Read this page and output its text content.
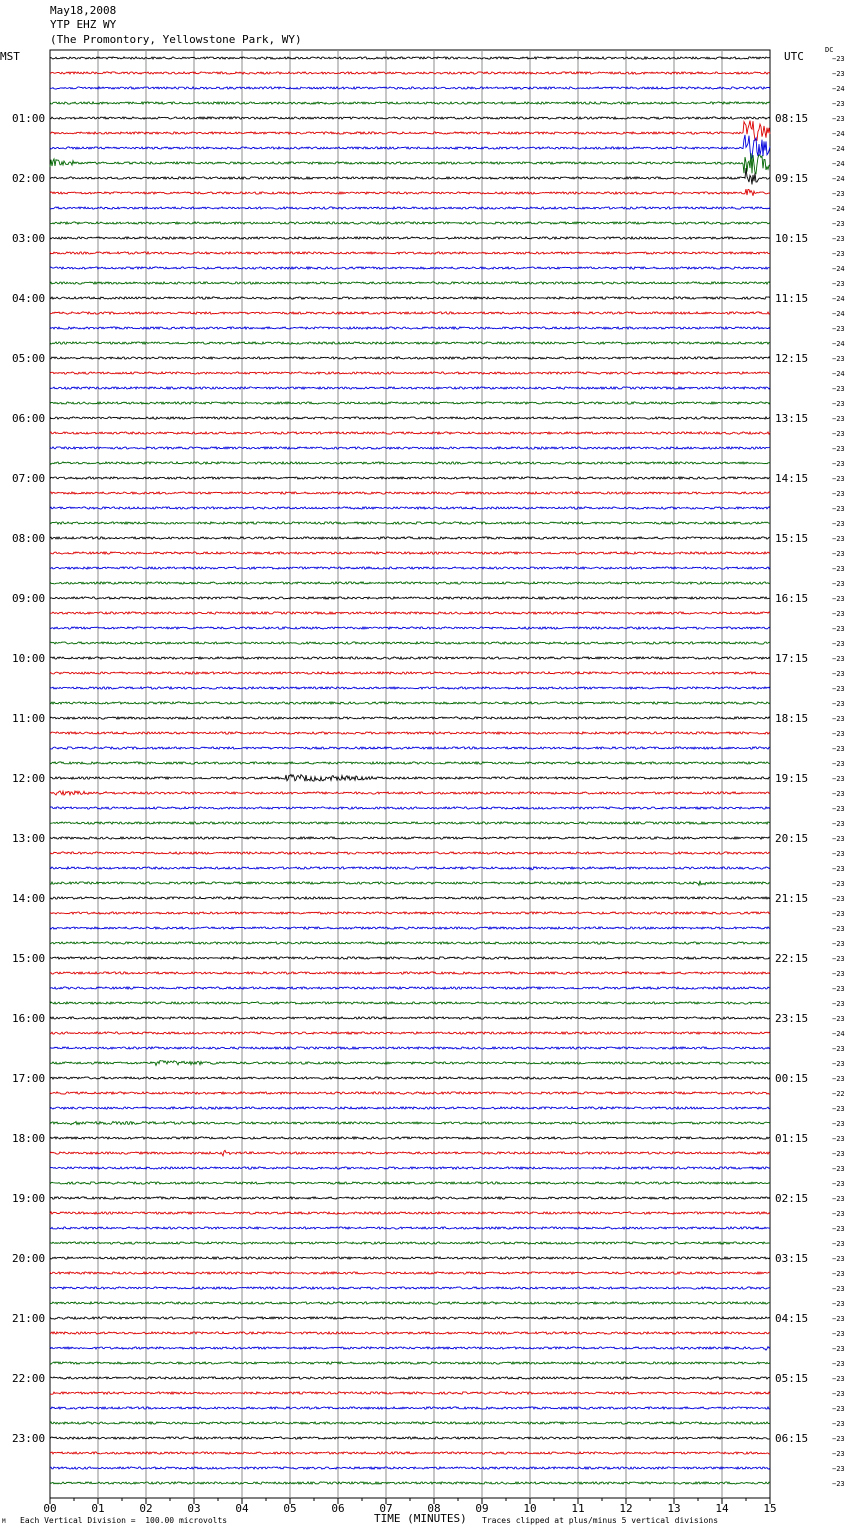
May18,2008
YTP EHZ WY
(The Promontory, Yellowstone Park, WY)
MST	UTC	DC
00	01	02	03	04	05	06	07	08	09	10	11	12	13	14	15
−23
−23
−24
−23
−23
−24
−24
−24
−24
−23
−24
−23
−23
−23
−24
−23
−24
−24
−23
−24
−23
−24
−23
−23
−23
−23
−23
−23
−23
−23
−23
−23
−23
−23
−23
−23
−23
−23
−23
−23
−23
−23
−23
−23
−23
−23
−23
−23
−23
−23
−23
−23
−23
−23
−23
−23
−23
−23
−23
−23
−23
−23
−23
−23
−23
−24
−23
−23
−23
−22
−23
−23
−23
−23
−23
−23
−23
−23
−23
−23
−23
−23
−23
−23
−23
−23
−23
−23
−23
−23
−23
−23
−23
−23
−23
−23
01:00
02:00
03:00
04:00
05:00
06:00
07:00
08:00
09:00
10:00
11:00
12:00
13:00
14:00
15:00
16:00
17:00
18:00
19:00
20:00
21:00
22:00
23:00
08:15
09:15
10:15
11:15
12:15
13:15
14:15
15:15
16:15
17:15
18:15
19:15
20:15
21:15
22:15
23:15
00:15
01:15
02:15
03:15
04:15
05:15
06:15
M Each Vertical Division =  100.00 microvolts	TIME (MINUTES) Traces clipped at plus/minus 5 vertical divisions
